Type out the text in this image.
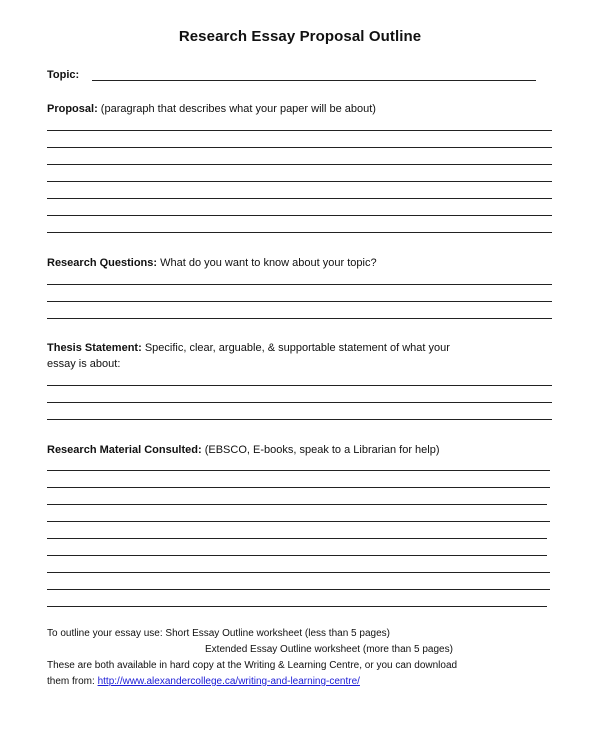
Research Essay Proposal Outline
Topic:
Proposal: (paragraph that describes what your paper will be about)
Research Questions: What do you want to know about your topic?
Thesis Statement: Specific, clear, arguable, & supportable statement of what your
essay is about:
Research Material Consulted: (EBSCO, E-books, speak to a Librarian for help)
To outline your essay use: Short Essay Outline worksheet (less than 5 pages)
Extended Essay Outline worksheet (more than 5 pages)
These are both available in hard copy at the Writing & Learning Centre, or you can download
them from: http://www.alexandercollege.ca/writing-and-learning-centre/
